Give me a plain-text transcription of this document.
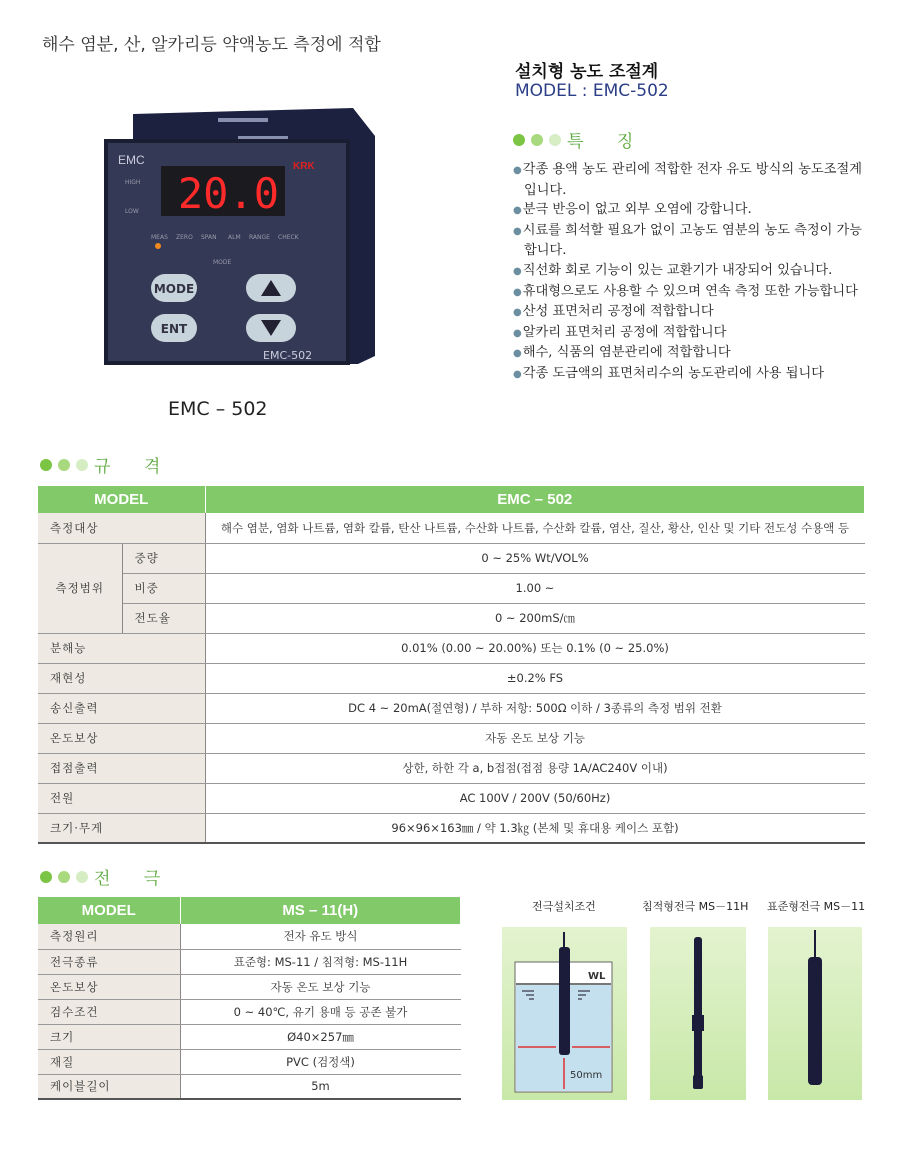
해수 염분, 산, 알카리등 약액농도 측정에 적합
EMC	KRK
20.0
HIGH
LOW
MEAS ZERO SPAN ALM RANGE CHECK
MODE
MODE
ENT
EMC-502
EMC – 502
설치형 농도 조절계
MODEL : EMC-502
특 징
● 각종 용액 농도 관리에 적합한 전자 유도 방식의 농도조절계입니다.
● 분극 반응이 없고 외부 오염에 강합니다.
● 시료를 희석할 필요가 없이 고농도 염분의 농도 측정이 가능합니다.
● 직선화 회로 기능이 있는 교환기가 내장되어 있습니다.
● 휴대형으로도 사용할 수 있으며 연속 측정 또한 가능합니다
● 산성 표면처리 공정에 적합합니다
● 알카리 표면처리 공정에 적합합니다
● 해수, 식품의 염분관리에 적합합니다
● 각종 도금액의 표면처리수의 농도관리에 사용 됩니다
규 격
MODEL		EMC – 502
측정대상		해수 염분, 염화 나트륨, 염화 칼륨, 탄산 나트륨, 수산화 나트륨, 수산화 칼륨, 염산, 질산, 황산, 인산 및 기타 전도성 수용액 등
측정범위	중량	0 ~ 25% Wt/VOL%
	비중	1.00 ~
	전도율	0 ~ 200mS/㎝
분해능		0.01% (0.00 ~ 20.00%) 또는 0.1% (0 ~ 25.0%)
재현성		±0.2% FS
송신출력		DC 4 ~ 20mA(절연형) / 부하 저항: 500Ω 이하 / 3종류의 측정 범위 전환
온도보상		자동 온도 보상 기능
접점출력		상한, 하한 각 a, b접점(접점 용량 1A/AC240V 이내)
전원		AC 100V / 200V (50/60Hz)
크기·무게		96×96×163㎜ / 약 1.3㎏ (본체 및 휴대용 케이스 포함)
전 극
MODEL	MS – 11(H)
측정원리	전자 유도 방식
전극종류	표준형: MS-11 / 침적형: MS-11H
온도보상	자동 온도 보상 기능
검수조건	0 ~ 40℃, 유기 용매 등 공존 불가
크기	Ø40×257㎜
재질	PVC (검정색)
케이블길이	5m
전극설치조건	침적형전극 MS－11H 표준형전극 MS－11
WL
50mm
